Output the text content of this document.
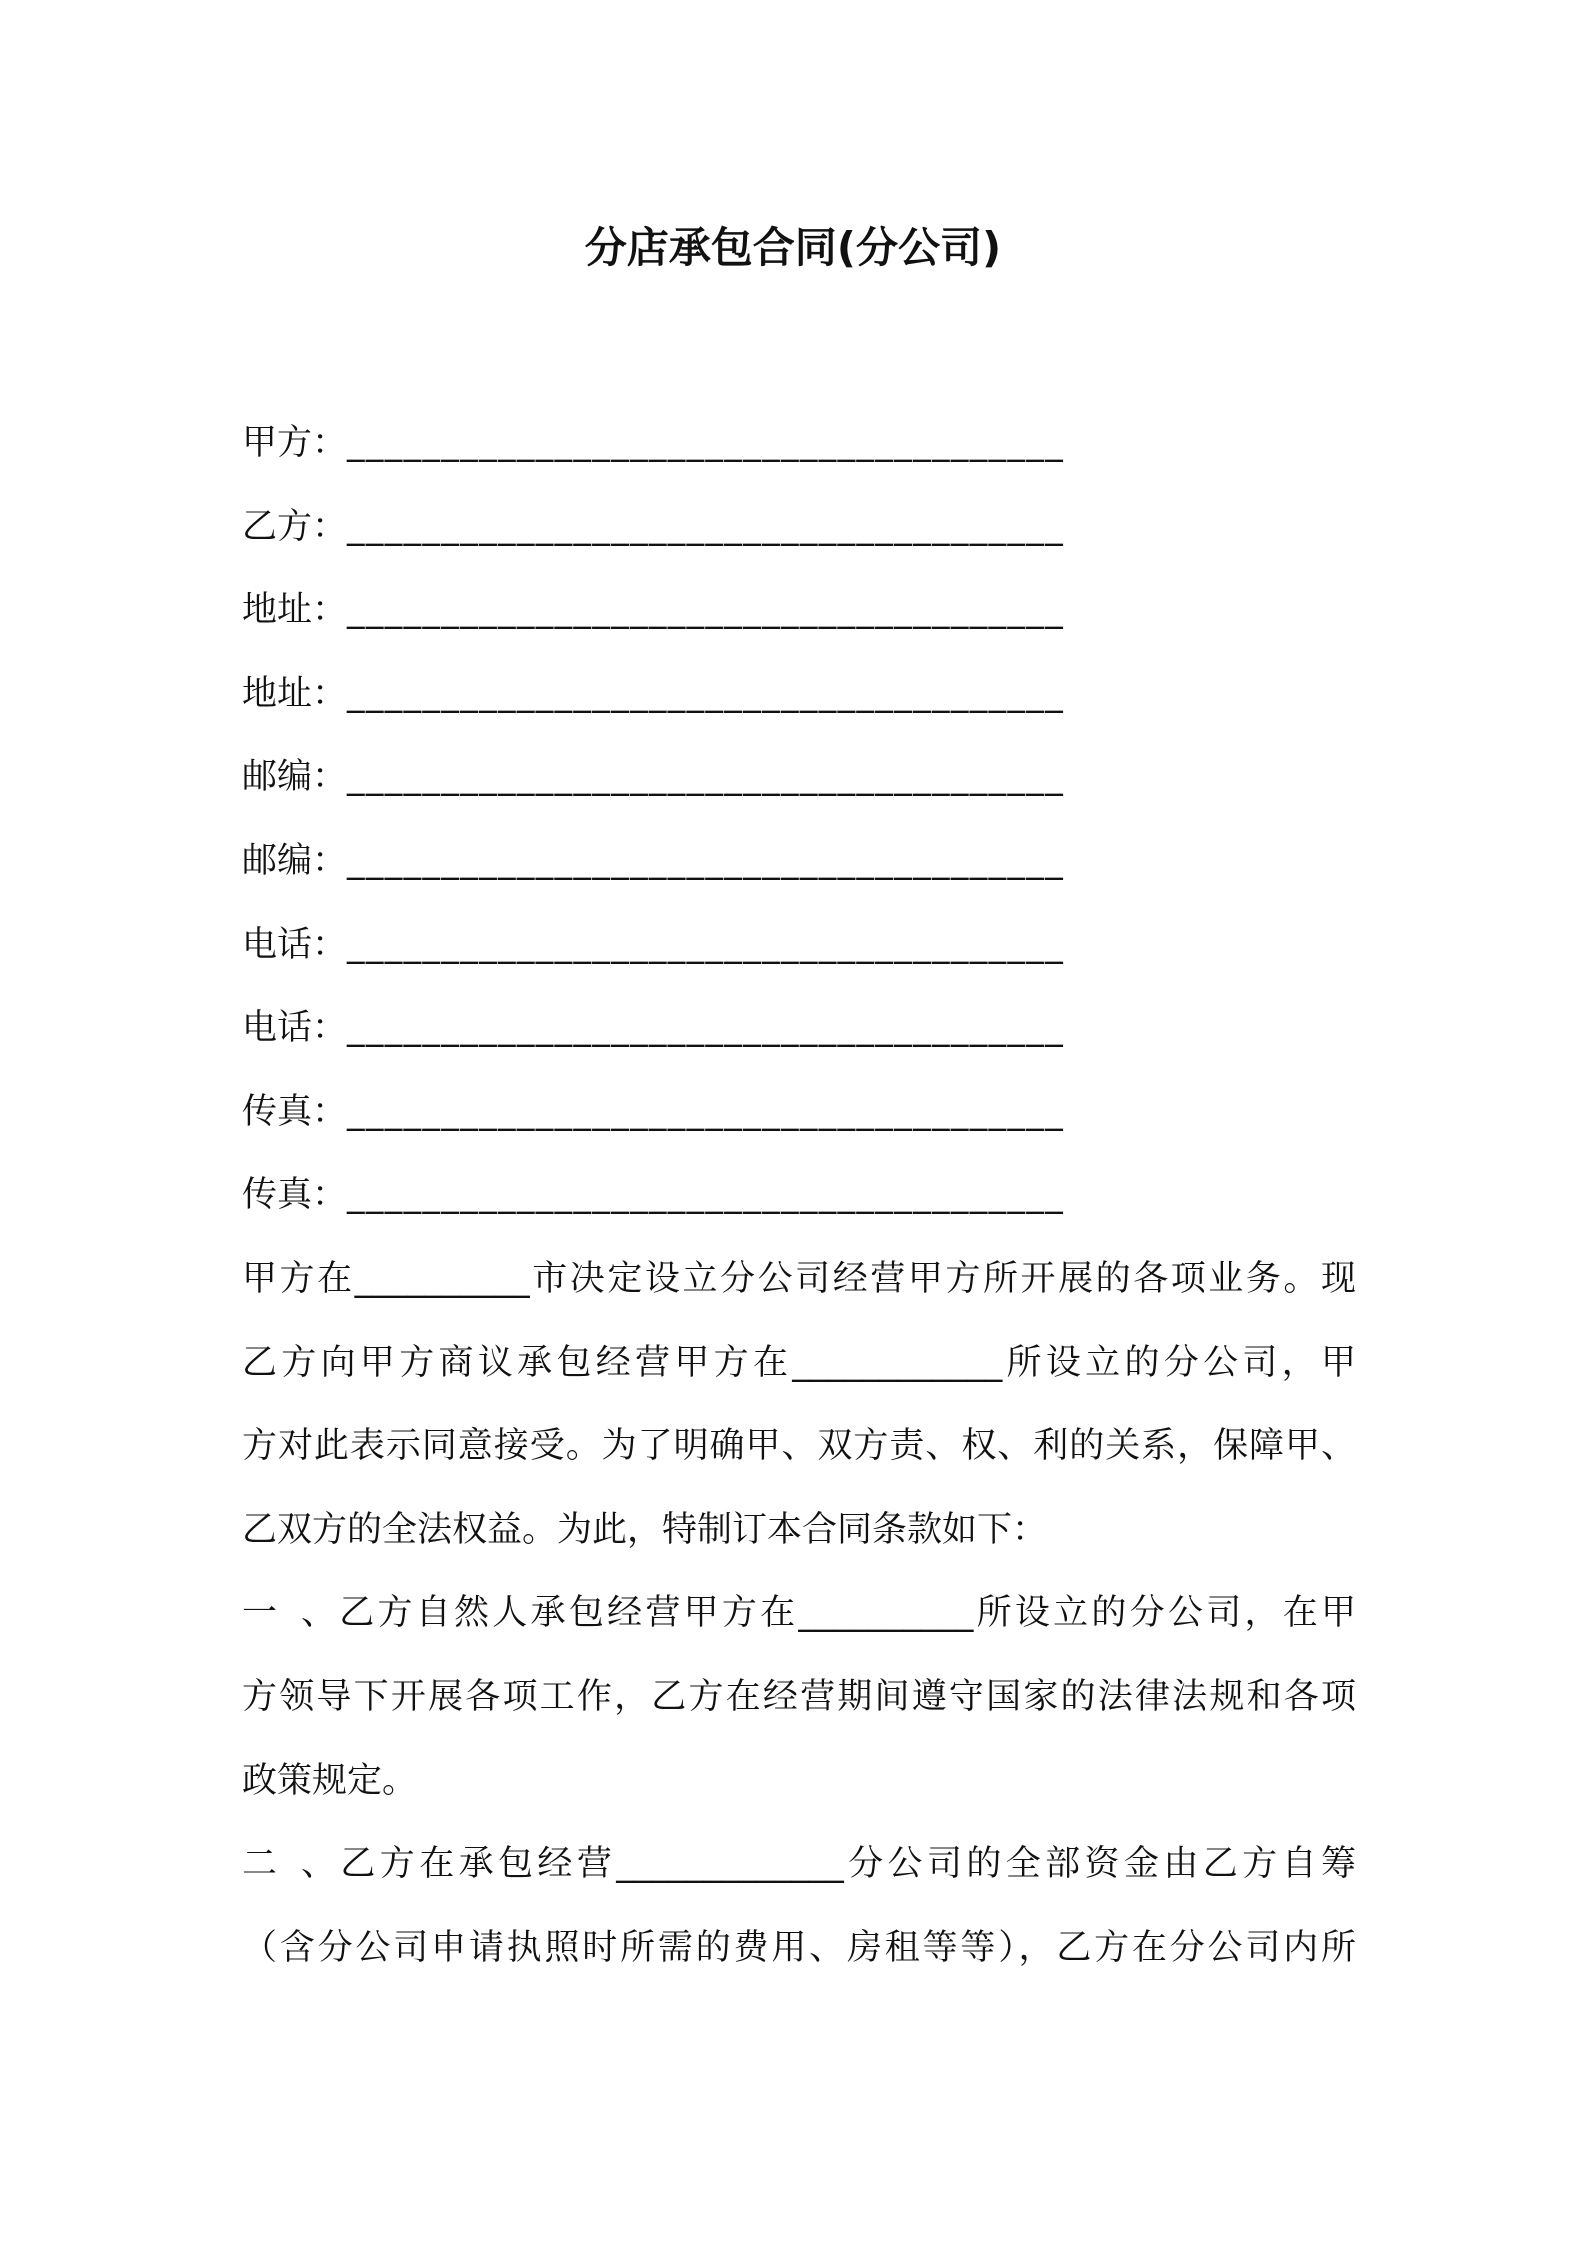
分店承包合同(分公司)
甲方：______________________________________
乙方：______________________________________
地址：______________________________________
地址：______________________________________
邮编：______________________________________
邮编：______________________________________
电话：______________________________________
电话：______________________________________
传真：______________________________________
传真：______________________________________
甲方在__________市决定设立分公司经营甲方所开展的各项业务。现
乙方向甲方商议承包经营甲方在____________所设立的分公司，甲
方对此表示同意接受。为了明确甲、双方责、权、利的关系，保障甲、
乙双方的全法权益。为此，特制订本合同条款如下：
一、乙方自然人承包经营甲方在__________所设立的分公司，在甲
方领导下开展各项工作，乙方在经营期间遵守国家的法律法规和各项
政策规定。
二、乙方在承包经营_____________分公司的全部资金由乙方自筹
（含分公司申请执照时所需的费用、房租等等），乙方在分公司内所
